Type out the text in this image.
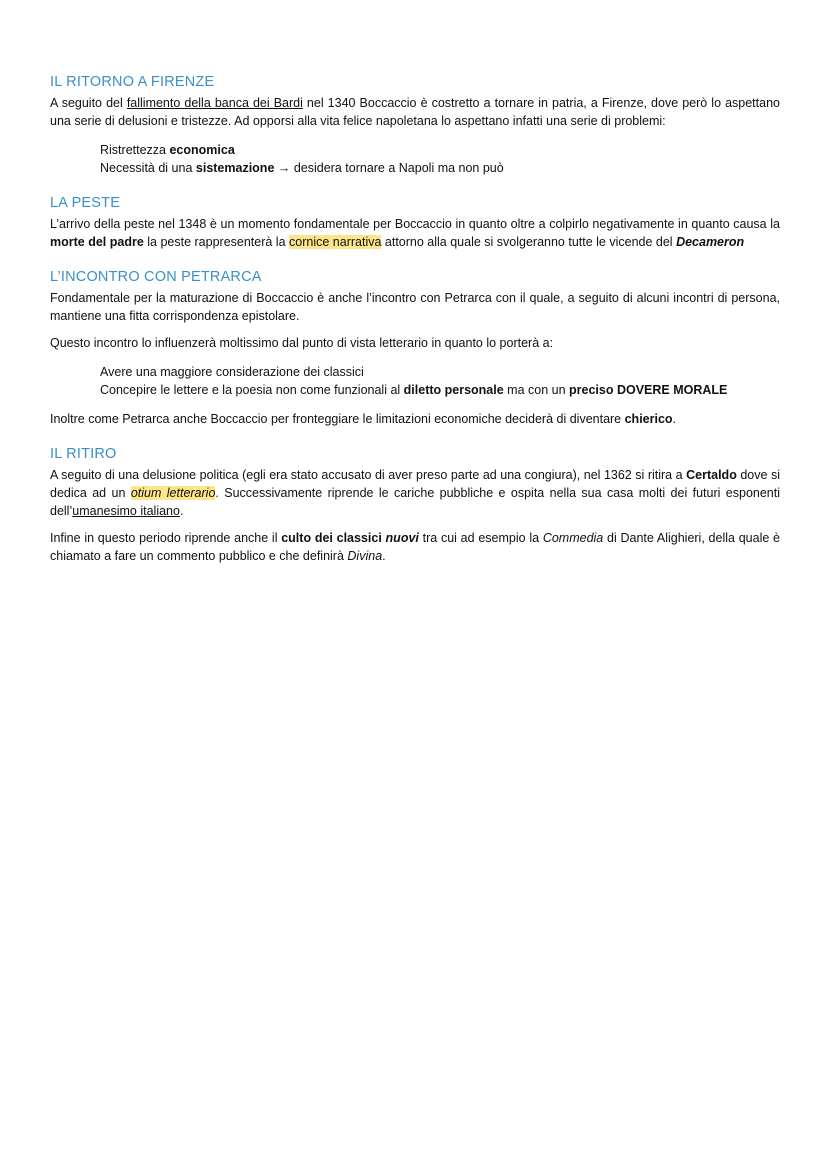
IL RITORNO A FIRENZE

A seguito del fallimento della banca dei Bardi nel 1340 Boccaccio è costretto a tornare in patria, a Firenze, dove però lo aspettano una serie di delusioni e tristezze. Ad opporsi alla vita felice napoletana lo aspettano infatti una serie di problemi:

Ristrettezza economica
Necessità di una sistemazione → desidera tornare a Napoli ma non può
LA PESTE

L’arrivo della peste nel 1348 è un momento fondamentale per Boccaccio in quanto oltre a colpirlo negativamente in quanto causa la morte del padre la peste rappresenterà la cornice narrativa attorno alla quale si svolgeranno tutte le vicende del Decameron

L’INCONTRO CON PETRARCA

Fondamentale per la maturazione di Boccaccio è anche l’incontro con Petrarca con il quale, a seguito di alcuni incontri di persona, mantiene una fitta corrispondenza epistolare.

Questo incontro lo influenzerà moltissimo dal punto di vista letterario in quanto lo porterà a:

Avere una maggiore considerazione dei classici
Concepire le lettere e la poesia non come funzionali al diletto personale ma con un preciso DOVERE MORALE

Inoltre come Petrarca anche Boccaccio per fronteggiare le limitazioni economiche deciderà di diventare chierico.

IL RITIRO

A seguito di una delusione politica (egli era stato accusato di aver preso parte ad una congiura), nel 1362 si ritira a Certaldo dove si dedica ad un otium letterario. Successivamente riprende le cariche pubbliche e ospita nella sua casa molti dei futuri esponenti dell’umanesimo italiano.

Infine in questo periodo riprende anche il culto dei classici nuovi tra cui ad esempio la Commedia di Dante Alighieri, della quale è chiamato a fare un commento pubblico e che definirà Divina.
